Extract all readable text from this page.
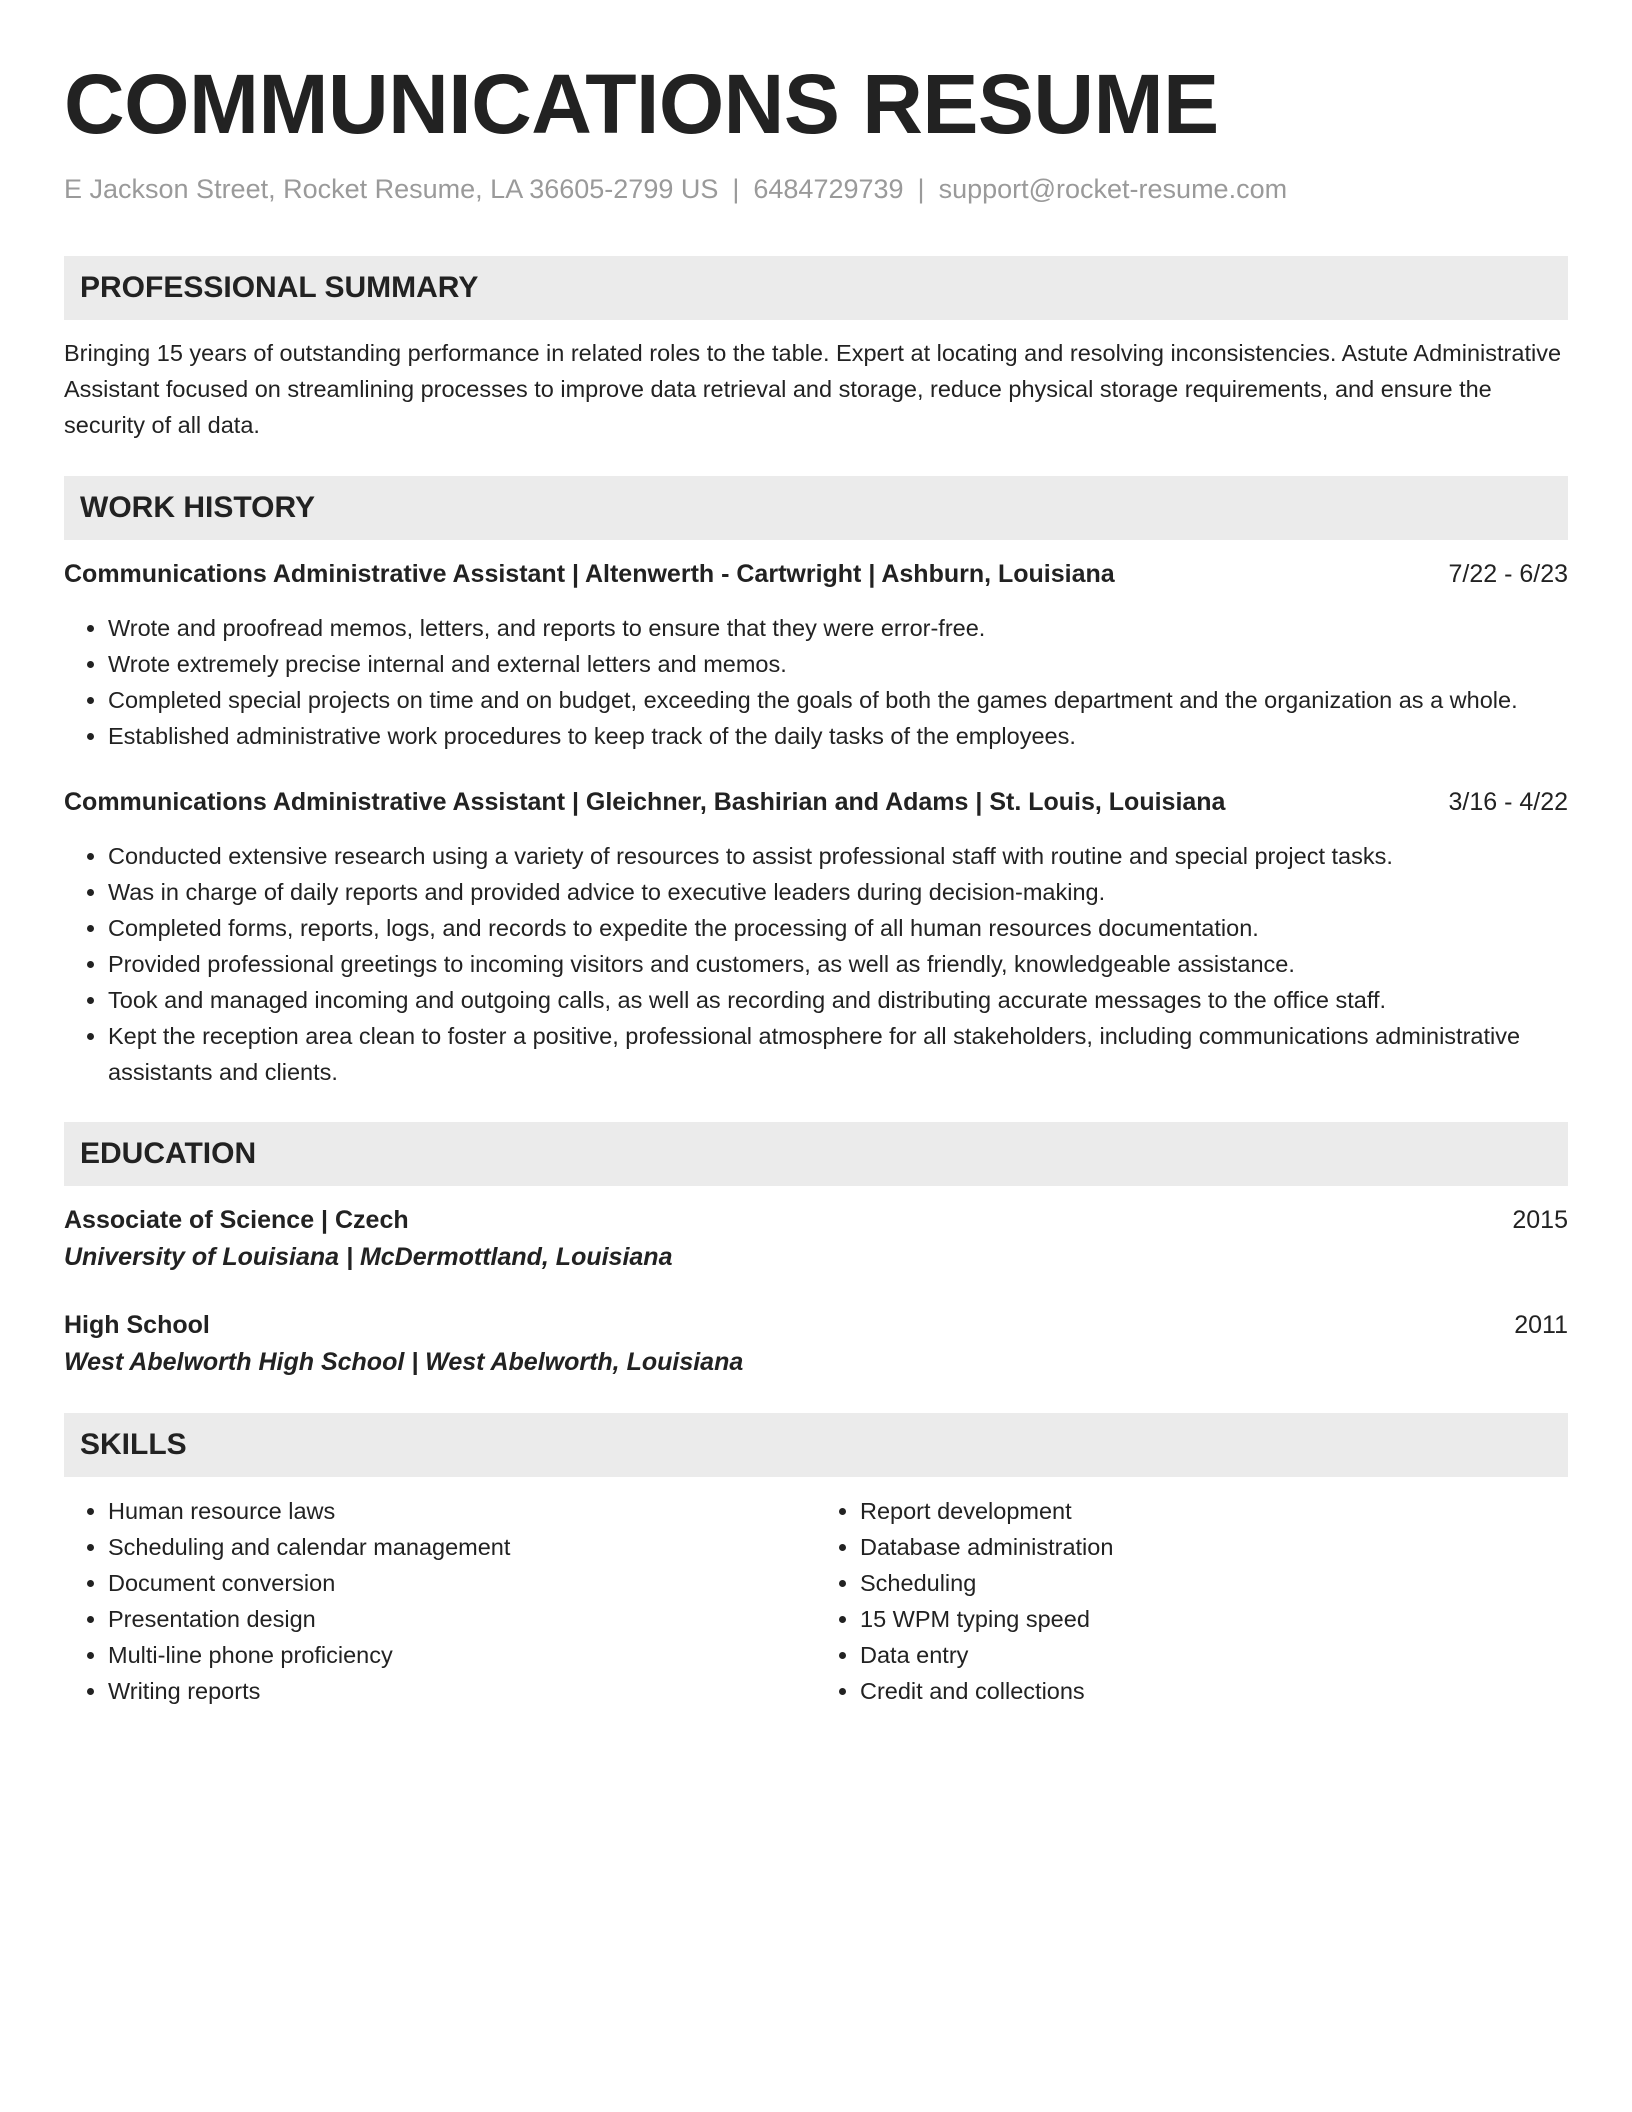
COMMUNICATIONS RESUME
E Jackson Street, Rocket Resume, LA 36605-2799 US | 6484729739 | support@rocket-resume.com
PROFESSIONAL SUMMARY
Bringing 15 years of outstanding performance in related roles to the table. Expert at locating and resolving inconsistencies. Astute Administrative Assistant focused on streamlining processes to improve data retrieval and storage, reduce physical storage requirements, and ensure the security of all data.
WORK HISTORY
Communications Administrative Assistant | Altenwerth - Cartwright | Ashburn, Louisiana	7/22 - 6/23
• Wrote and proofread memos, letters, and reports to ensure that they were error-free.
• Wrote extremely precise internal and external letters and memos.
• Completed special projects on time and on budget, exceeding the goals of both the games department and the organization as a whole.
• Established administrative work procedures to keep track of the daily tasks of the employees.
Communications Administrative Assistant | Gleichner, Bashirian and Adams | St. Louis, Louisiana	3/16 - 4/22
• Conducted extensive research using a variety of resources to assist professional staff with routine and special project tasks.
• Was in charge of daily reports and provided advice to executive leaders during decision-making.
• Completed forms, reports, logs, and records to expedite the processing of all human resources documentation.
• Provided professional greetings to incoming visitors and customers, as well as friendly, knowledgeable assistance.
• Took and managed incoming and outgoing calls, as well as recording and distributing accurate messages to the office staff.
• Kept the reception area clean to foster a positive, professional atmosphere for all stakeholders, including communications administrative assistants and clients.
EDUCATION
Associate of Science | Czech	2015
University of Louisiana | McDermottland, Louisiana
High School	2011
West Abelworth High School | West Abelworth, Louisiana
SKILLS
• Human resource laws
• Scheduling and calendar management
• Document conversion
• Presentation design
• Multi-line phone proficiency
• Writing reports
• Report development
• Database administration
• Scheduling
• 15 WPM typing speed
• Data entry
• Credit and collections
